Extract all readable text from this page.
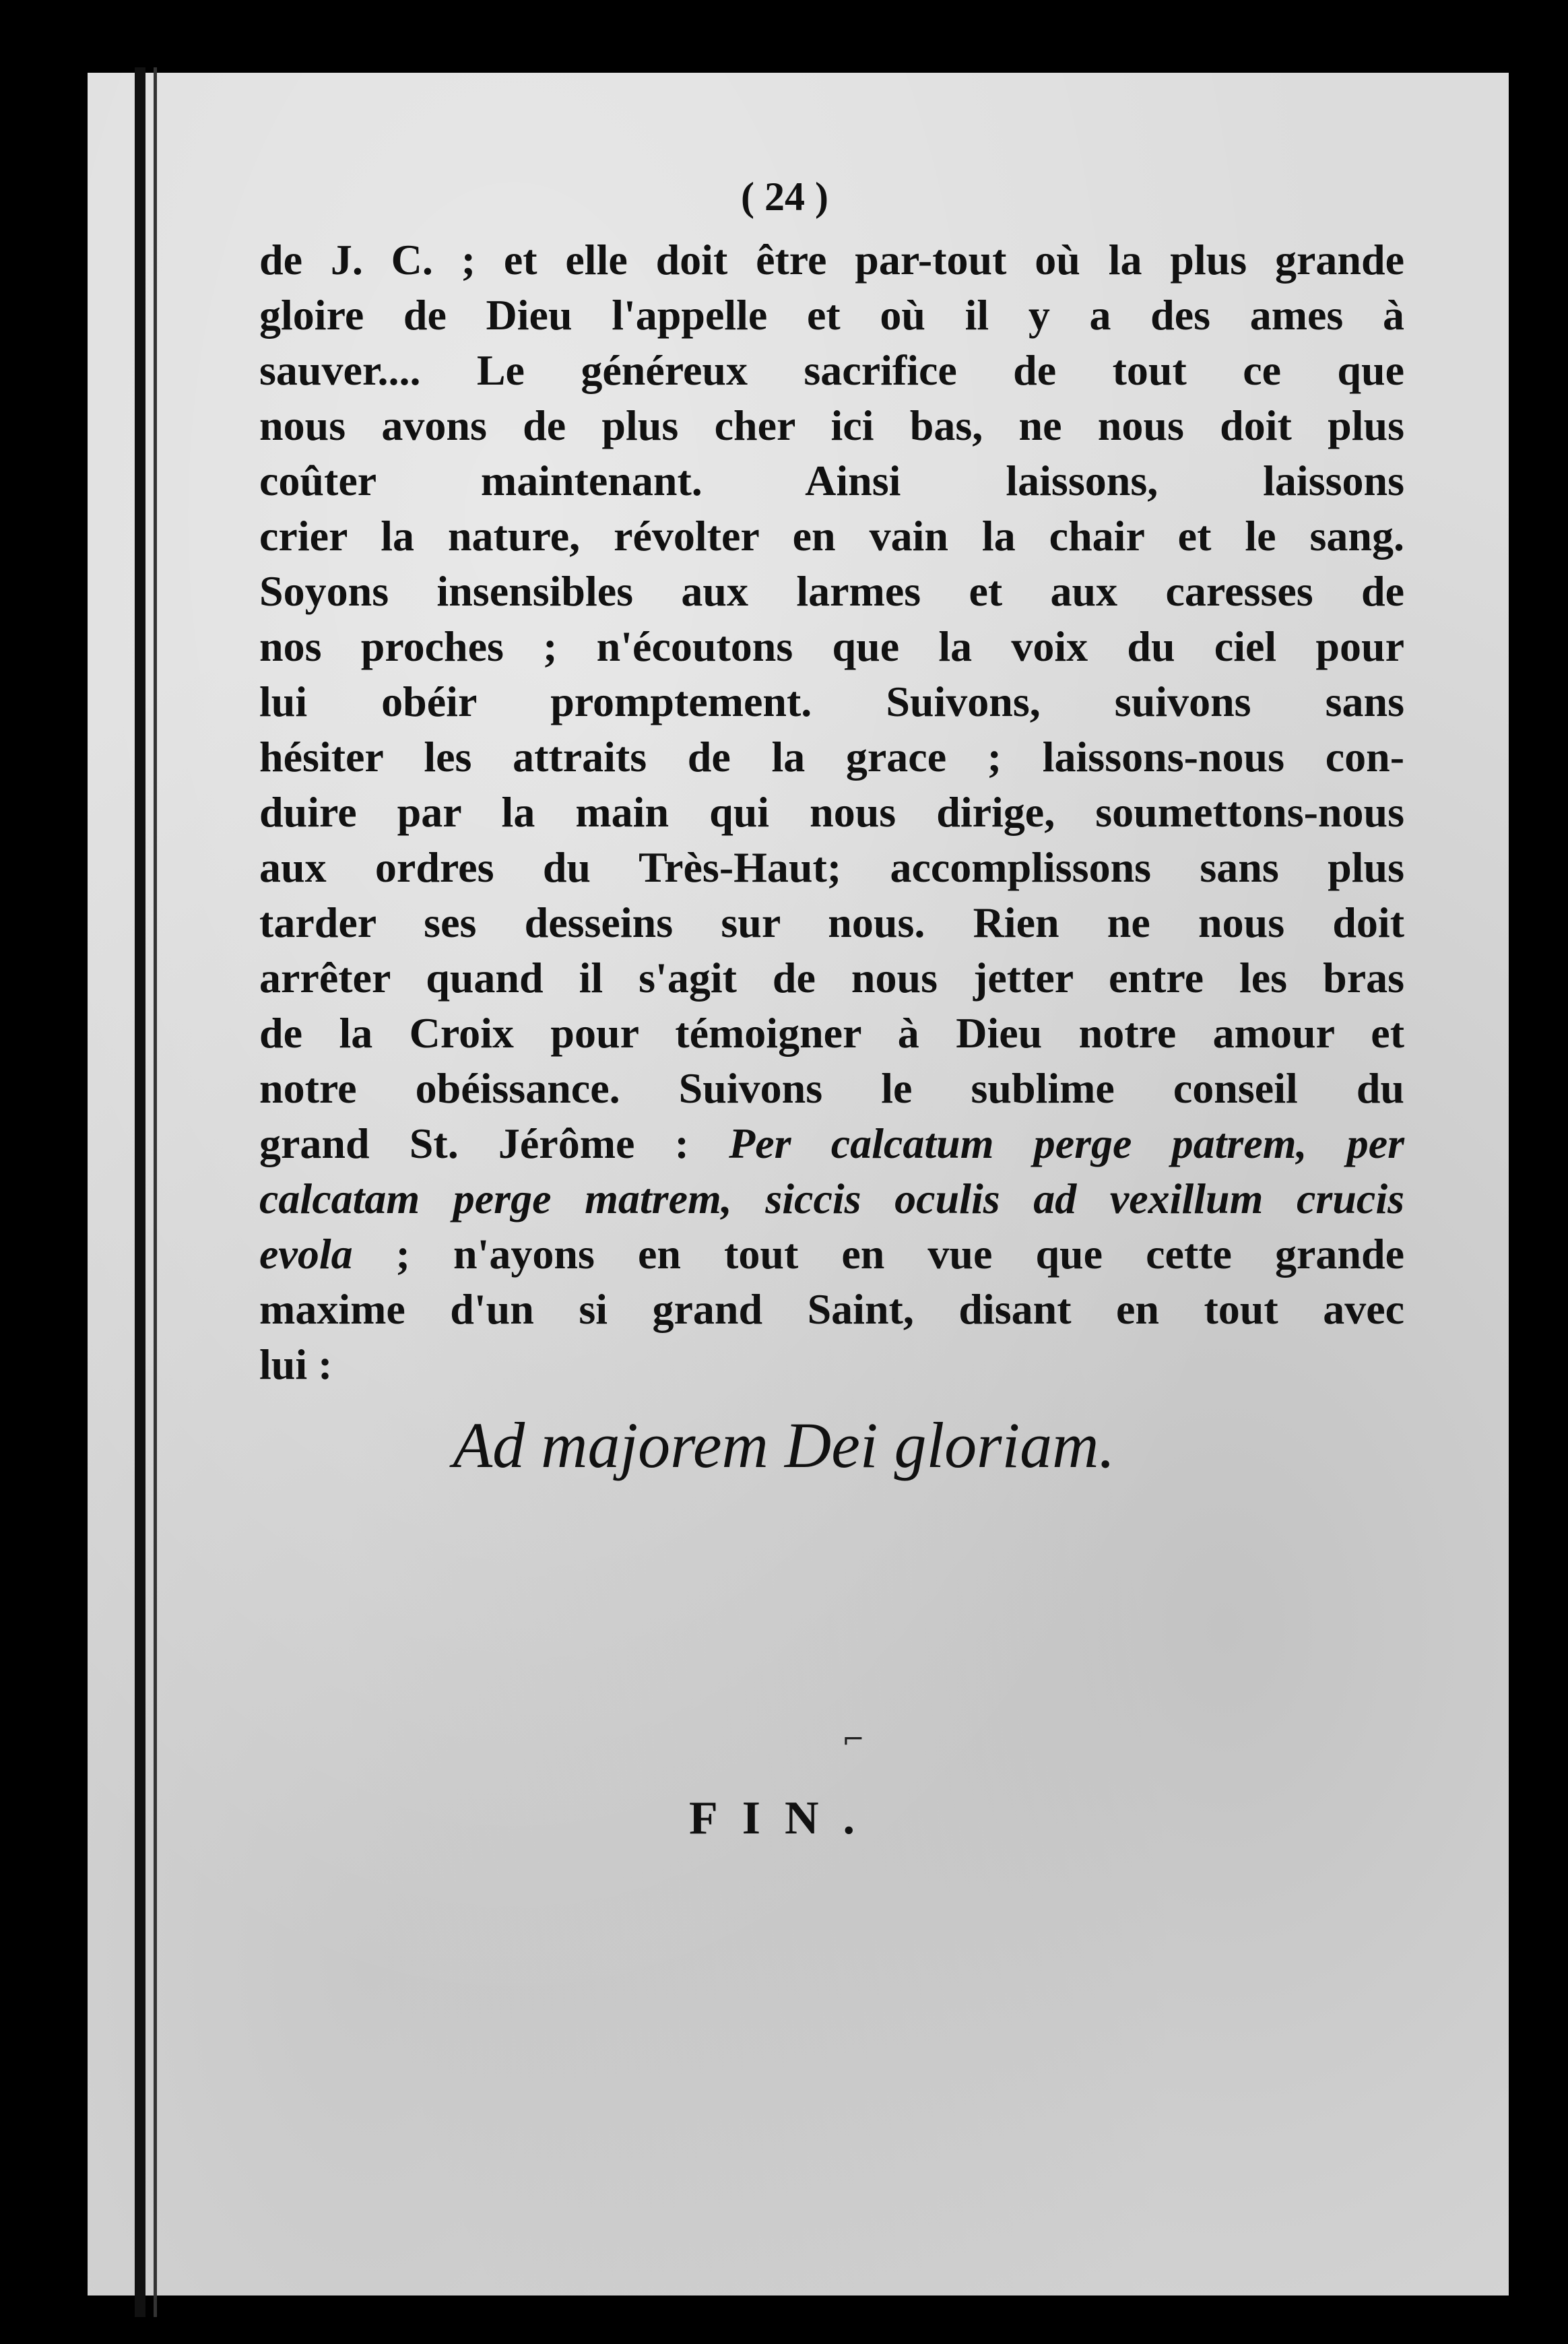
( 24 )

de J. C. ; et elle doit être par-tout où la plus grande
gloire de Dieu l'appelle et où il y a des ames à
sauver.... Le généreux sacrifice de tout ce que
nous avons de plus cher ici bas, ne nous doit plus
coûter maintenant. Ainsi laissons, laissons
crier la nature, révolter en vain la chair et le sang.
Soyons insensibles aux larmes et aux caresses de
nos proches ; n'écoutons que la voix du ciel pour
lui obéir promptement. Suivons, suivons sans
hésiter les attraits de la grace ; laissons-nous con-
duire par la main qui nous dirige, soumettons-nous
aux ordres du Très-Haut; accomplissons sans plus
tarder ses desseins sur nous. Rien ne nous doit
arrêter quand il s'agit de nous jetter entre les bras
de la Croix pour témoigner à Dieu notre amour et
notre obéissance. Suivons le sublime conseil du
grand St. Jérôme : Per calcatum perge patrem, per
calcatam perge matrem, siccis oculis ad vexillum crucis
evola ; n'ayons en tout en vue que cette grande
maxime d'un si grand Saint, disant en tout avec
lui :

Ad majorem Dei gloriam.

⌐

FIN.
